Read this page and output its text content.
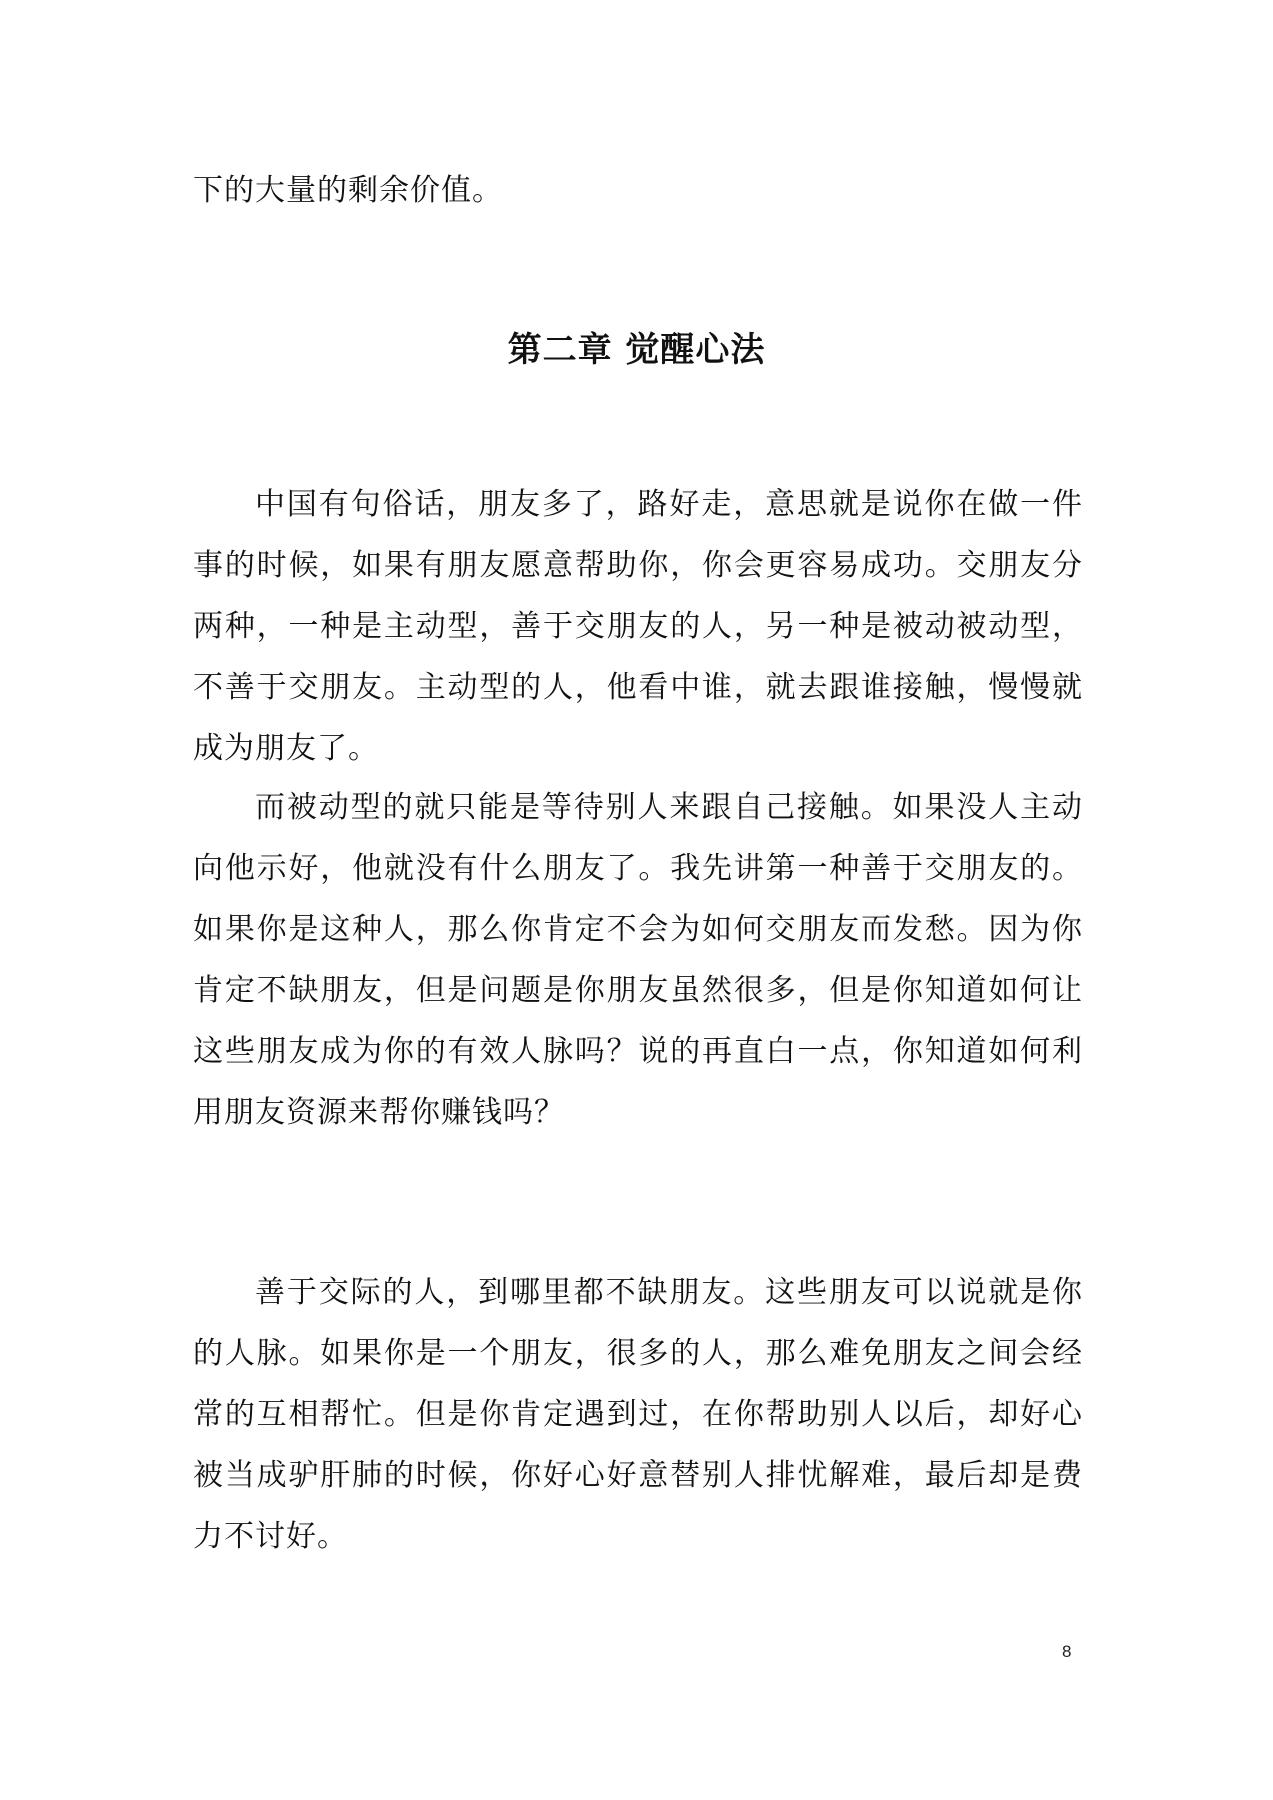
下的大量的剩余价值。

第二章 觉醒心法

中国有句俗话，朋友多了，路好走，意思就是说你在做一件事的时候，如果有朋友愿意帮助你，你会更容易成功。交朋友分两种，一种是主动型，善于交朋友的人，另一种是被动被动型，不善于交朋友。主动型的人，他看中谁，就去跟谁接触，慢慢就成为朋友了。

而被动型的就只能是等待别人来跟自己接触。如果没人主动向他示好，他就没有什么朋友了。我先讲第一种善于交朋友的。如果你是这种人，那么你肯定不会为如何交朋友而发愁。因为你肯定不缺朋友，但是问题是你朋友虽然很多，但是你知道如何让这些朋友成为你的有效人脉吗？说的再直白一点，你知道如何利用朋友资源来帮你赚钱吗？

善于交际的人，到哪里都不缺朋友。这些朋友可以说就是你的人脉。如果你是一个朋友，很多的人，那么难免朋友之间会经常的互相帮忙。但是你肯定遇到过，在你帮助别人以后，却好心被当成驴肝肺的时候，你好心好意替别人排忧解难，最后却是费力不讨好。

8
